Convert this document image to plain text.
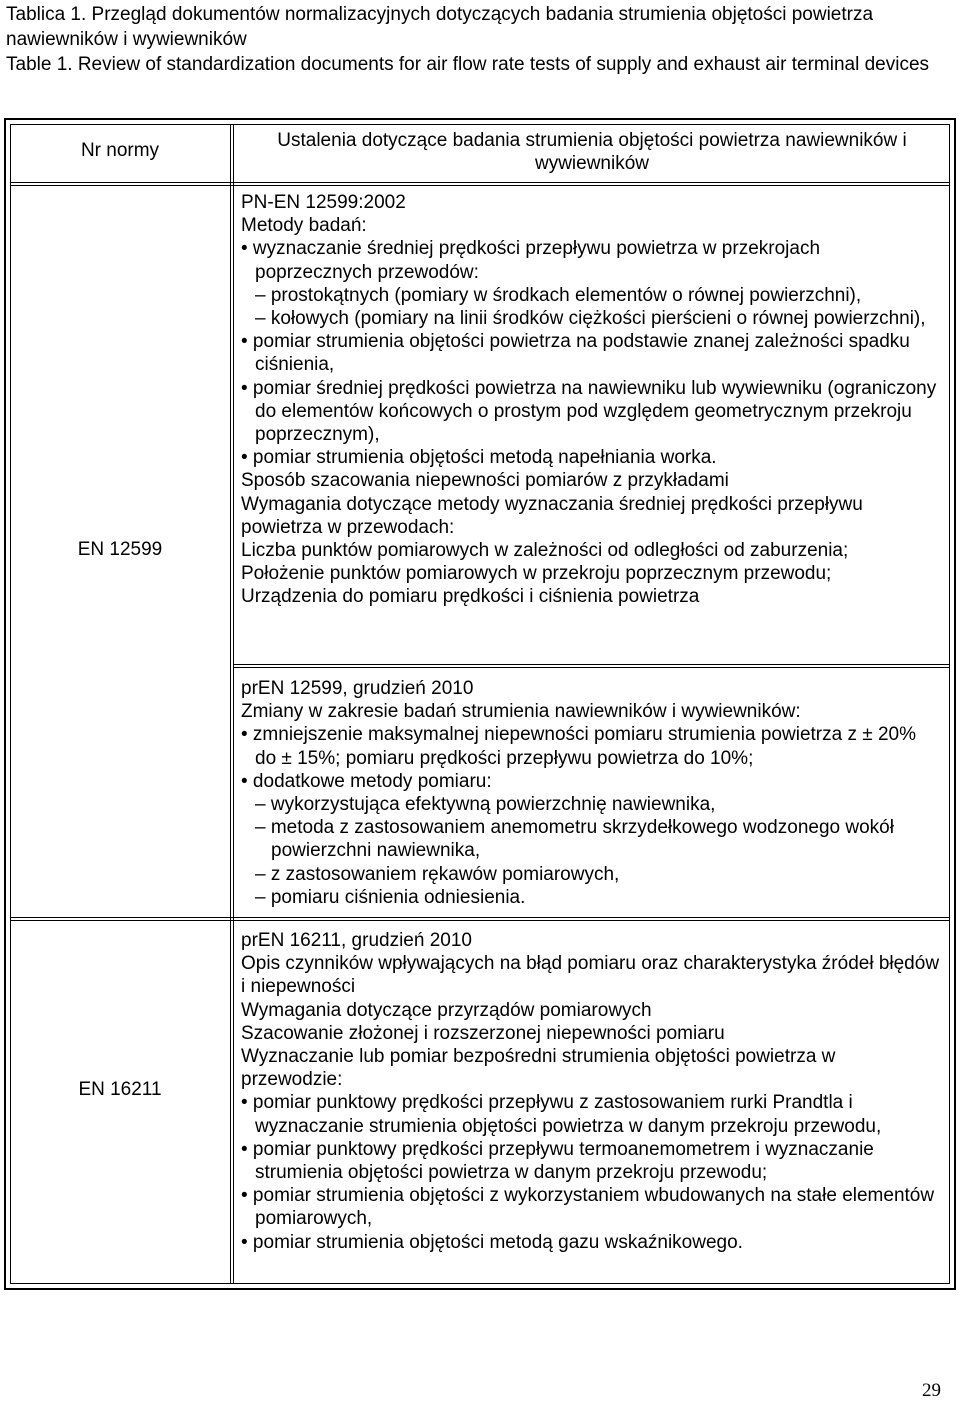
Tablica 1. Przegląd dokumentów normalizacyjnych dotyczących badania strumienia objętości powietrza nawiewników i wywiewników
Table 1. Review of standardization documents for air flow rate tests of supply and exhaust air terminal devices
Nr normy	Ustalenia dotyczące badania strumienia objętości powietrza nawiewników i wywiewników
EN 12599
EN 16211

PN-EN 12599:2002

Metody badań:

• wyznaczanie średniej prędkości przepływu powietrza w przekrojach poprzecznych przewodów:

– prostokątnych (pomiary w środkach elementów o równej powierzchni),

– kołowych (pomiary na linii środków ciężkości pierścieni o równej powierzchni),

• pomiar strumienia objętości powietrza na podstawie znanej zależności spadku ciśnienia,

• pomiar średniej prędkości powietrza na nawiewniku lub wywiewniku (ograniczony do elementów końcowych o prostym pod względem geometrycznym przekroju poprzecznym),

• pomiar strumienia objętości metodą napełniania worka.

Sposób szacowania niepewności pomiarów z przykładami

Wymagania dotyczące metody wyznaczania średniej prędkości przepływu powietrza w przewodach:

Liczba punktów pomiarowych w zależności od odległości od zaburzenia;

Położenie punktów pomiarowych w przekroju poprzecznym przewodu;

Urządzenia do pomiaru prędkości i ciśnienia powietrza

prEN 12599, grudzień 2010

Zmiany w zakresie badań strumienia nawiewników i wywiewników:

• zmniejszenie maksymalnej niepewności pomiaru strumienia powietrza z ± 20% do ± 15%; pomiaru prędkości przepływu powietrza do 10%;

• dodatkowe metody pomiaru:

– wykorzystująca efektywną powierzchnię nawiewnika,

– metoda z zastosowaniem anemometru skrzydełkowego wodzonego wokół powierzchni nawiewnika,

– z zastosowaniem rękawów pomiarowych,

– pomiaru ciśnienia odniesienia.

prEN 16211, grudzień 2010

Opis czynników wpływających na błąd pomiaru oraz charakterystyka źródeł błędów i niepewności

Wymagania dotyczące przyrządów pomiarowych

Szacowanie złożonej i rozszerzonej niepewności pomiaru

Wyznaczanie lub pomiar bezpośredni strumienia objętości powietrza w przewodzie:

• pomiar punktowy prędkości przepływu z zastosowaniem rurki Prandtla i wyznaczanie strumienia objętości powietrza w danym przekroju przewodu,

• pomiar punktowy prędkości przepływu termoanemometrem i wyznaczanie strumienia objętości powietrza w danym przekroju przewodu;

• pomiar strumienia objętości z wykorzystaniem wbudowanych na stałe elementów pomiarowych,

• pomiar strumienia objętości metodą gazu wskaźnikowego.

29
